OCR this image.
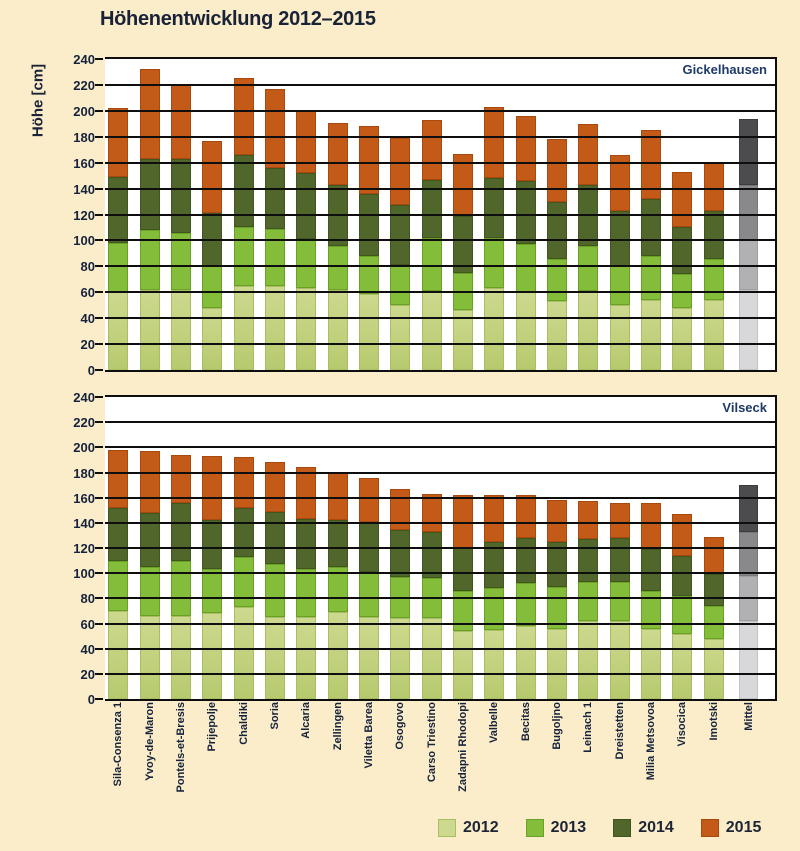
Höhenentwicklung 2012–2015
Höhe [cm]
0
20
40
60
80
100
120
140
160
180
200
220
240
Gickelhausen
0
20
40
60
80
100
120
140
160
180
200
220
240
Vilseck
Sila-Consenza 1 Yvoy-de-Maron Pontels-et-Bresis Prijepolje Chaldiki Soria Alcaria Zellingen Viletta Barea Osogovo Carso Triestino Zadapni Rhodopi Valbelle Becitas Bugoljno Leinach 1 Dreistetten Milia Metsovoa Visocica Imotski Mittel
2012	2013	2014	2015
